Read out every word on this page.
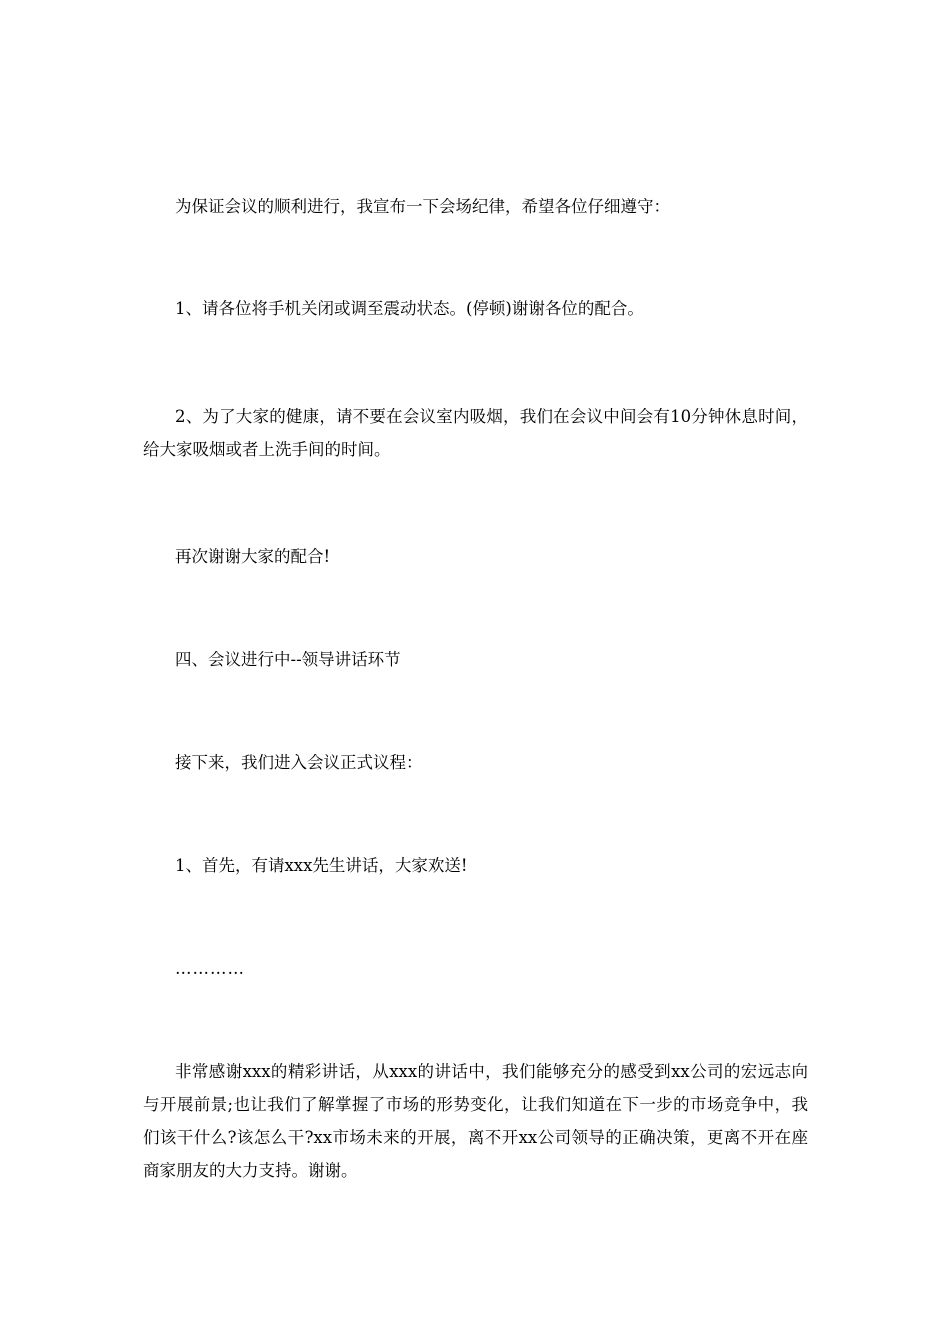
为保证会议的顺利进行，我宣布一下会场纪律，希望各位仔细遵守：

1、请各位将手机关闭或调至震动状态。(停顿)谢谢各位的配合。

2、为了大家的健康，请不要在会议室内吸烟，我们在会议中间会有10分钟休息时间，给大家吸烟或者上洗手间的时间。

再次谢谢大家的配合!

四、会议进行中--领导讲话环节

接下来，我们进入会议正式议程：

1、首先，有请xxx先生讲话，大家欢送!

…………

非常感谢xxx的精彩讲话，从xxx的讲话中，我们能够充分的感受到xx公司的宏远志向与开展前景;也让我们了解掌握了市场的形势变化，让我们知道在下一步的市场竞争中，我们该干什么?该怎么干?xx市场未来的开展，离不开xx公司领导的正确决策，更离不开在座商家朋友的大力支持。谢谢。
